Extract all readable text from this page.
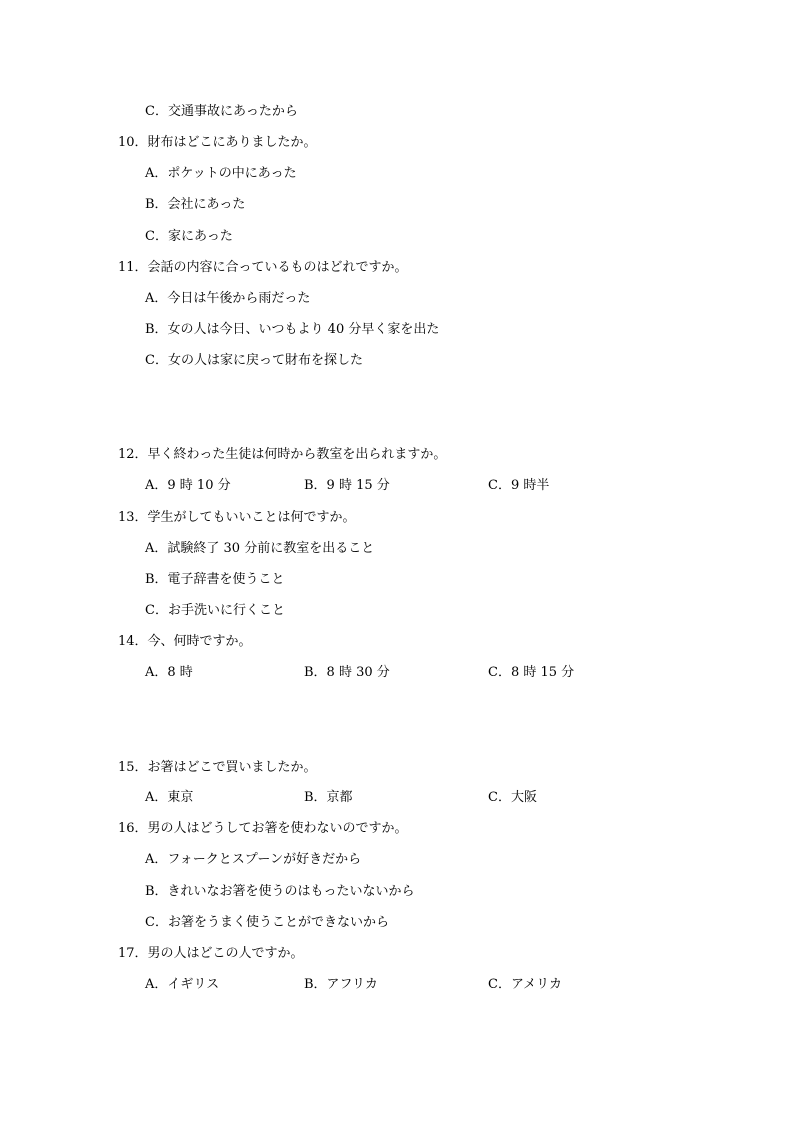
C．交通事故にあったから
10．財布はどこにありましたか。
A．ポケットの中にあった
B．会社にあった
C．家にあった
11．会話の内容に合っているものはどれですか。
A．今日は午後から雨だった
B．女の人は今日、いつもより 40 分早く家を出た
C．女の人は家に戻って財布を探した
12．早く終わった生徒は何時から教室を出られますか。
A．9 時 10 分	B．9 時 15 分	C．9 時半
13．学生がしてもいいことは何ですか。
A．試験終了 30 分前に教室を出ること
B．電子辞書を使うこと
C．お手洗いに行くこと
14．今、何時ですか。
A．8 時	B．8 時 30 分	C．8 時 15 分
15．お箸はどこで買いましたか。
A．東京	B．京都	C．大阪
16．男の人はどうしてお箸を使わないのですか。
A．フォークとスプーンが好きだから
B．きれいなお箸を使うのはもったいないから
C．お箸をうまく使うことができないから
17．男の人はどこの人ですか。
A．イギリス	B．アフリカ	C．アメリカ
